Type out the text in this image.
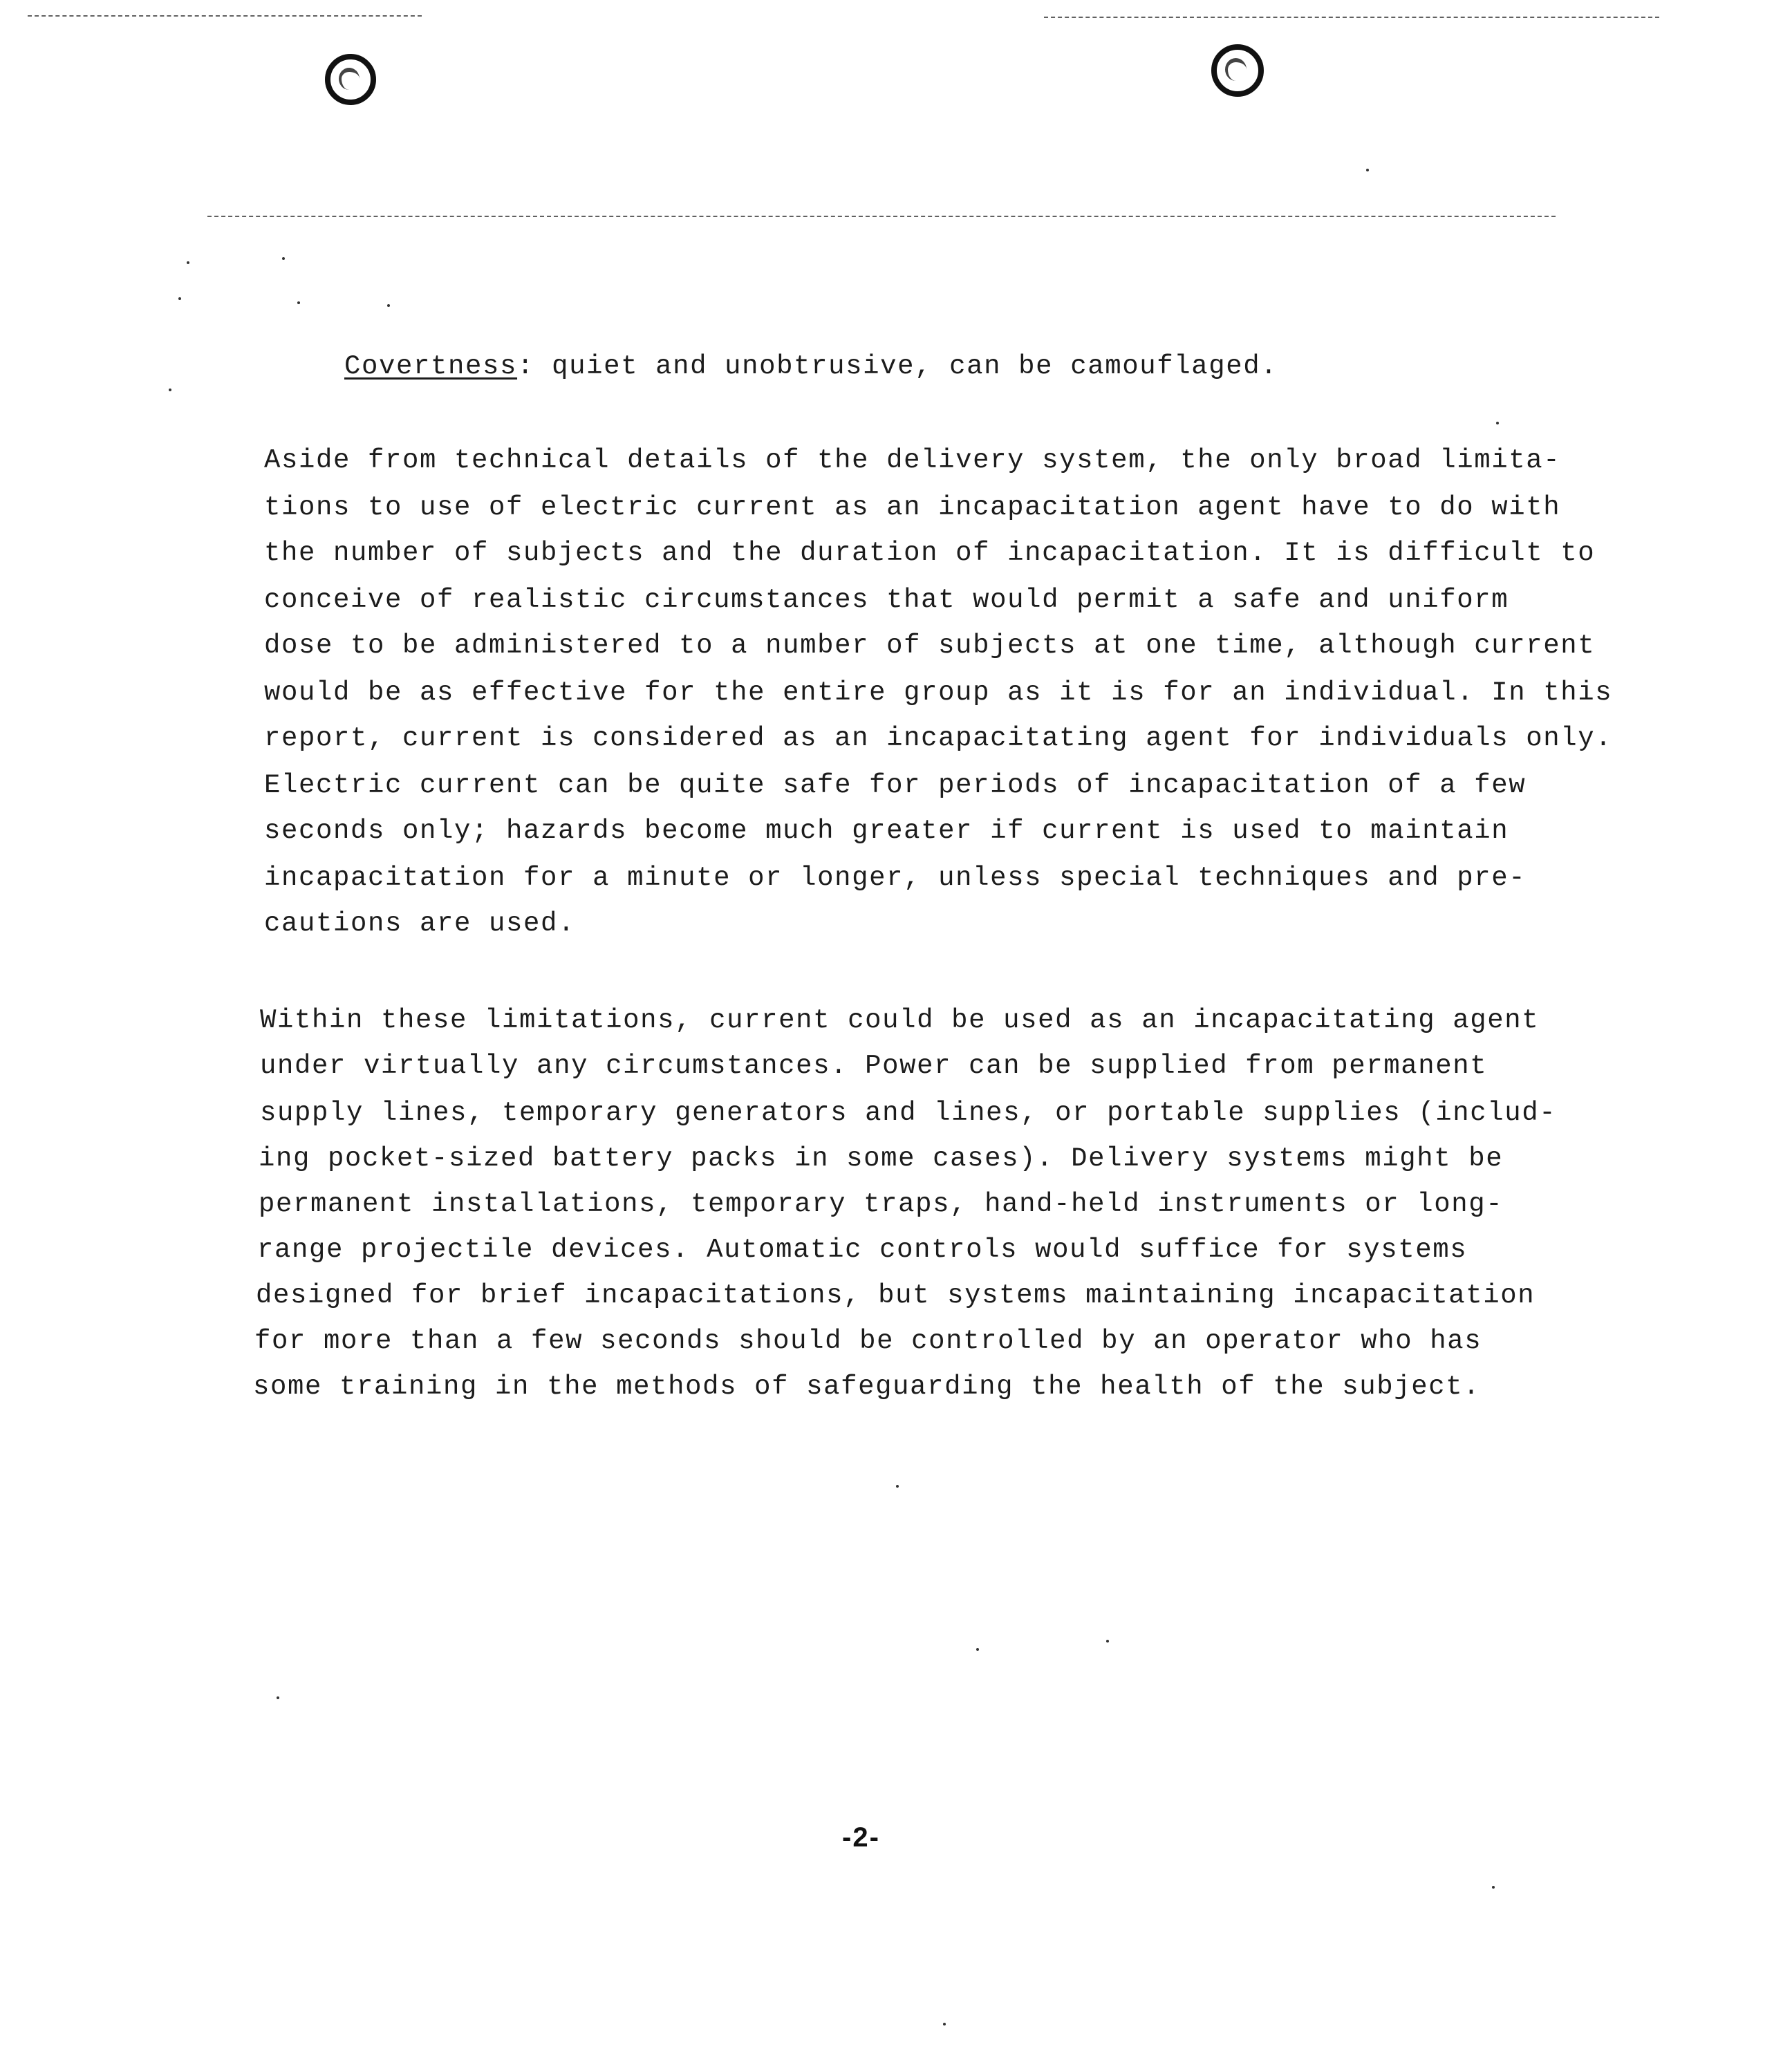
Covertness: quiet and unobtrusive, can be camouflaged.
Aside from technical details of the delivery system, the only broad limita-
tions to use of electric current as an incapacitation agent have to do with
the number of subjects and the duration of incapacitation. It is difficult to
conceive of realistic circumstances that would permit a safe and uniform
dose to be administered to a number of subjects at one time, although current
would be as effective for the entire group as it is for an individual. In this
report, current is considered as an incapacitating agent for individuals only.
Electric current can be quite safe for periods of incapacitation of a few
seconds only; hazards become much greater if current is used to maintain
incapacitation for a minute or longer, unless special techniques and pre-
cautions are used.
Within these limitations, current could be used as an incapacitating agent
under virtually any circumstances. Power can be supplied from permanent
supply lines, temporary generators and lines, or portable supplies (includ-
ing pocket-sized battery packs in some cases). Delivery systems might be
permanent installations, temporary traps, hand-held instruments or long-
range projectile devices. Automatic controls would suffice for systems
designed for brief incapacitations, but systems maintaining incapacitation
for more than a few seconds should be controlled by an operator who has
some training in the methods of safeguarding the health of the subject.
-2-
